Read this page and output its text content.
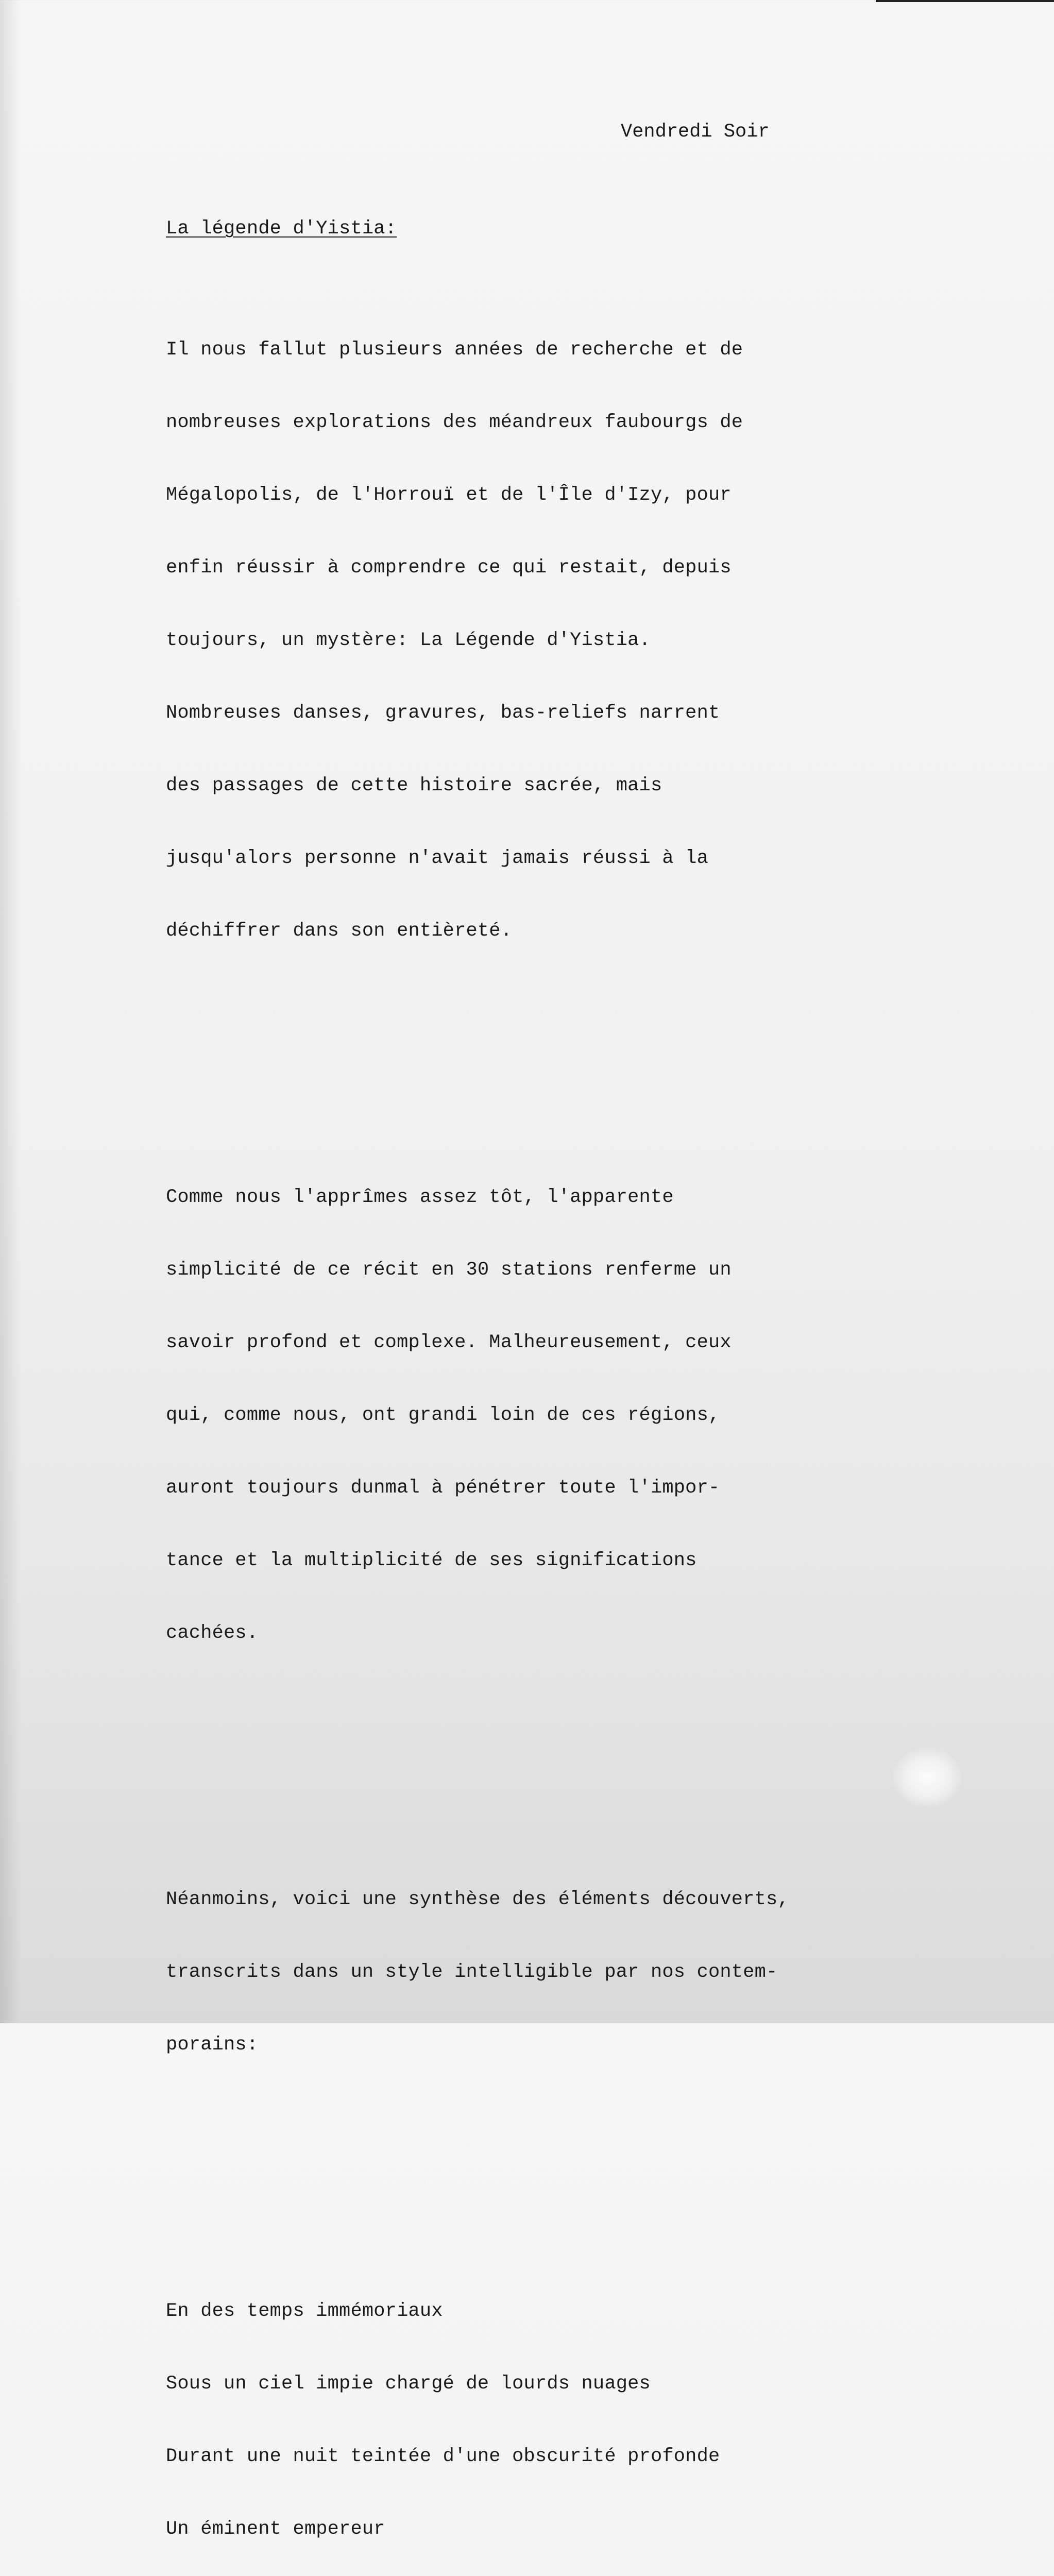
Vendredi Soir

La légende d'Yistia:

Il nous fallut plusieurs années de recherche et de

nombreuses explorations des méandreux faubourgs de

Mégalopolis, de l'Horrouï et de l'Île d'Izy, pour

enfin réussir à comprendre ce qui restait, depuis

toujours, un mystère: La Légende d'Yistia.

Nombreuses danses, gravures, bas-reliefs narrent

des passages de cette histoire sacrée, mais

jusqu'alors personne n'avait jamais réussi à la

déchiffrer dans son entièreté.

Comme nous l'apprîmes assez tôt, l'apparente

simplicité de ce récit en 30 stations renferme un

savoir profond et complexe. Malheureusement, ceux

qui, comme nous, ont grandi loin de ces régions,

auront toujours dunmal à pénétrer toute l'impor-

tance et la multiplicité de ses significations

cachées.

Néanmoins, voici une synthèse des éléments découverts,

transcrits dans un style intelligible par nos contem-

porains:

En des temps immémoriaux

Sous un ciel impie chargé de lourds nuages

Durant une nuit teintée d'une obscurité profonde

Un éminent empereur
